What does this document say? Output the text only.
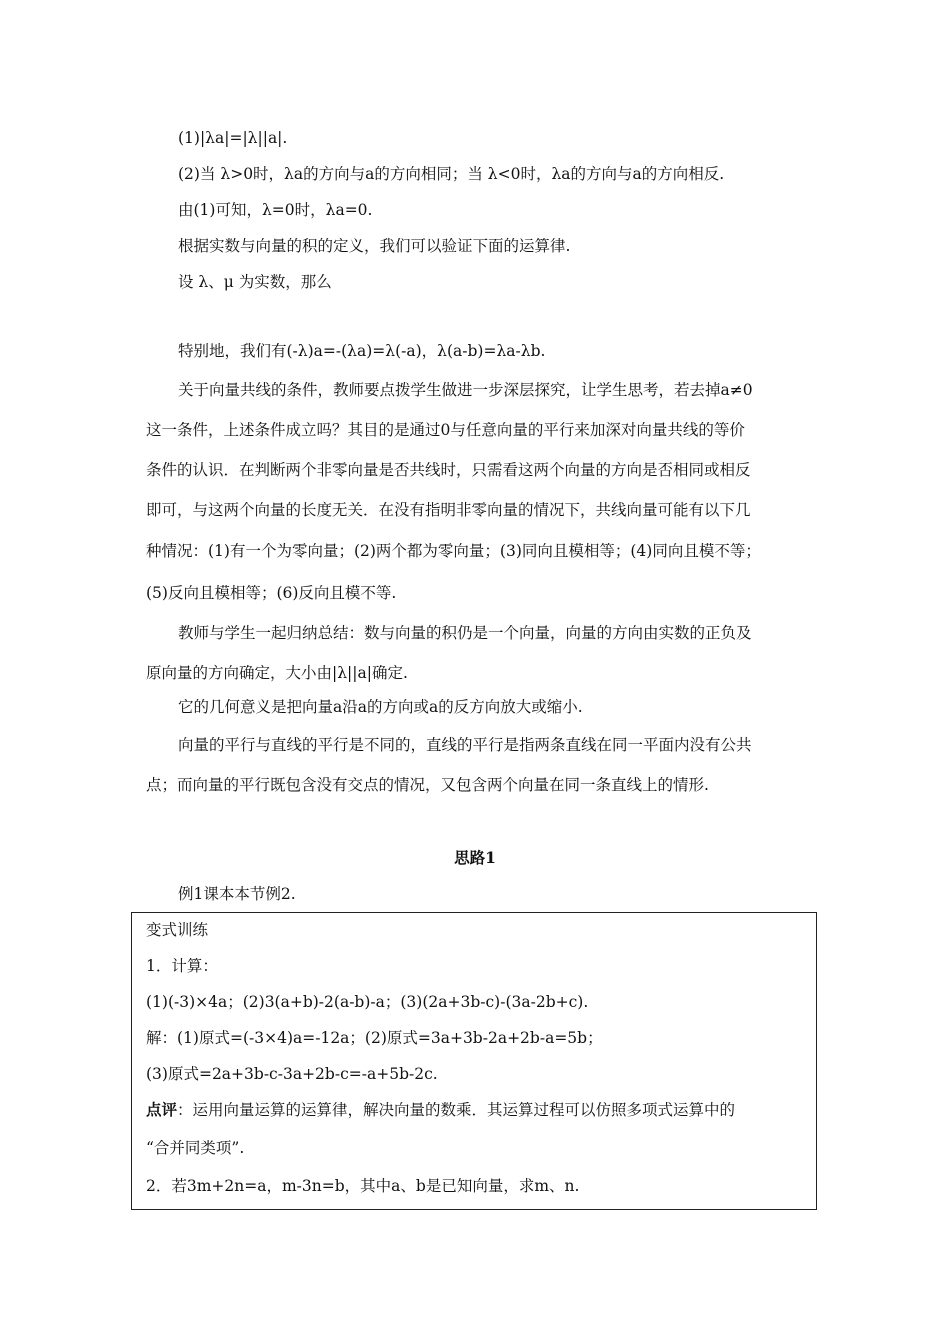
(1)|λa|=|λ||a|.
(2)当 λ>0时，λa的方向与a的方向相同；当 λ<0时，λa的方向与a的方向相反.
由(1)可知，λ=0时，λa=0.
根据实数与向量的积的定义，我们可以验证下面的运算律.
设 λ、μ 为实数，那么
特别地，我们有(-λ)a=-(λa)=λ(-a)，λ(a-b)=λa-λb.
关于向量共线的条件，教师要点拨学生做进一步深层探究，让学生思考，若去掉a≠0
这一条件，上述条件成立吗？其目的是通过0与任意向量的平行来加深对向量共线的等价
条件的认识．在判断两个非零向量是否共线时，只需看这两个向量的方向是否相同或相反
即可，与这两个向量的长度无关．在没有指明非零向量的情况下，共线向量可能有以下几
种情况：(1)有一个为零向量；(2)两个都为零向量；(3)同向且模相等；(4)同向且模不等；
(5)反向且模相等；(6)反向且模不等.
教师与学生一起归纳总结：数与向量的积仍是一个向量，向量的方向由实数的正负及
原向量的方向确定，大小由|λ||a|确定.
它的几何意义是把向量a沿a的方向或a的反方向放大或缩小.
向量的平行与直线的平行是不同的，直线的平行是指两条直线在同一平面内没有公共
点；而向量的平行既包含没有交点的情况，又包含两个向量在同一条直线上的情形.
思路1
例1课本本节例2.
变式训练
1．计算：
(1)(-3)×4a；(2)3(a+b)-2(a-b)-a；(3)(2a+3b-c)-(3a-2b+c).
解：(1)原式=(-3×4)a=-12a；(2)原式=3a+3b-2a+2b-a=5b；
(3)原式=2a+3b-c-3a+2b-c=-a+5b-2c.
点评：运用向量运算的运算律，解决向量的数乘．其运算过程可以仿照多项式运算中的
“合并同类项”.
2．若3m+2n=a，m-3n=b，其中a、b是已知向量，求m、n.
